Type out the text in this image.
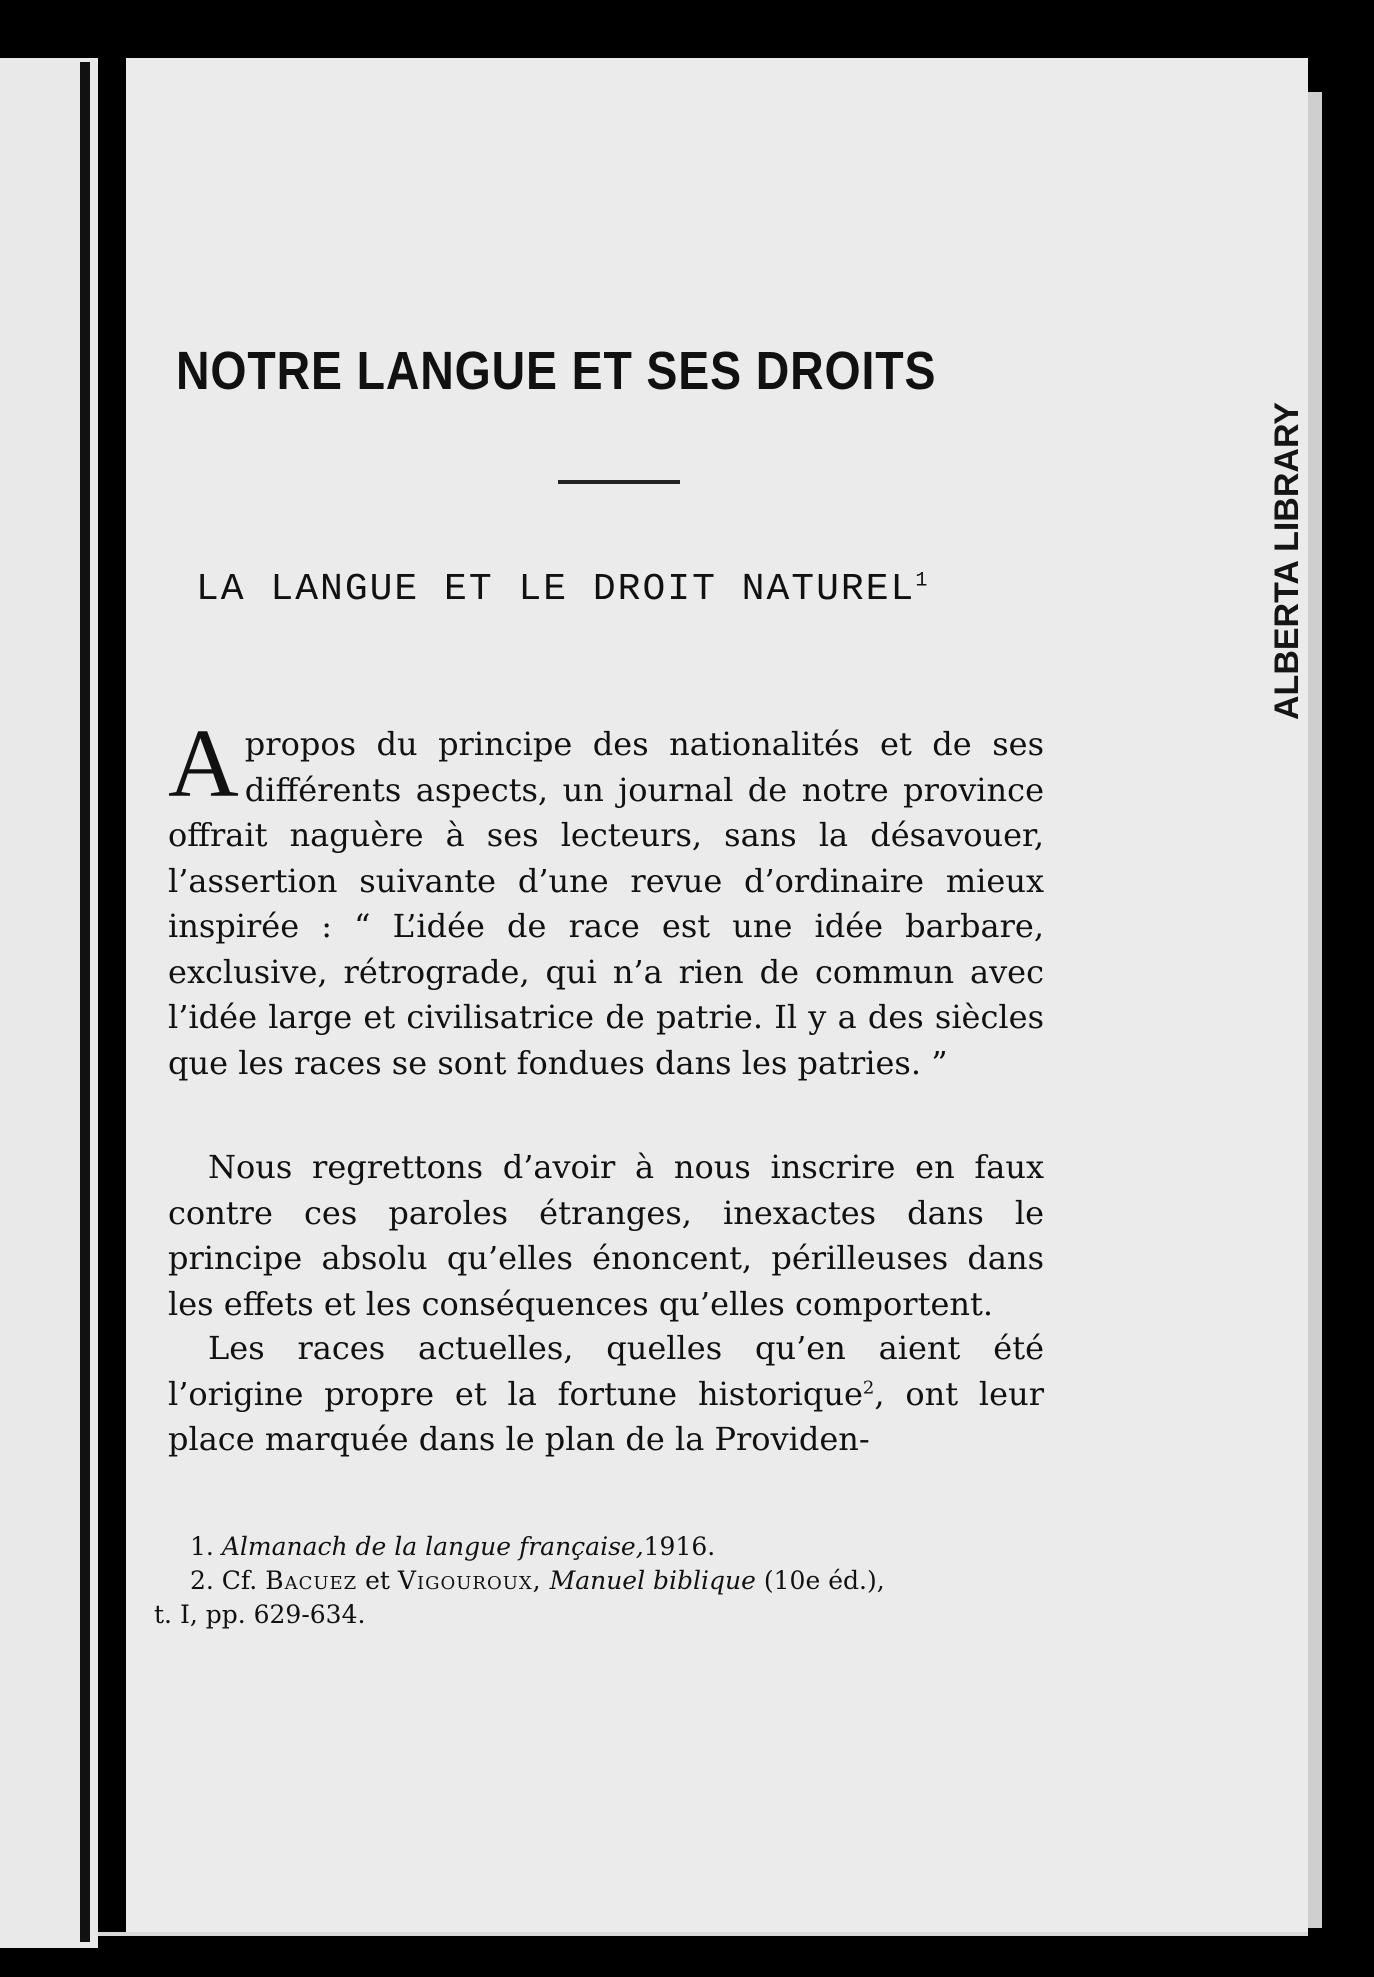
NOTRE LANGUE ET SES DROITS
LA LANGUE ET LE DROIT NATUREL$^1$
Apropos du principe des nationalités et de ses différents aspects, un journal de notre province offrait naguère à ses lecteurs, sans la désavouer, l’assertion suivante d’une revue d’ordinaire mieux inspirée : “ L’idée de race est une idée barbare, exclusive, rétrograde, qui n’a rien de commun avec l’idée large et civilisatrice de patrie. Il y a des siècles que les races se sont fondues dans les patries. ”
Nous regrettons d’avoir à nous inscrire en faux contre ces paroles étranges, inexactes dans le principe absolu qu’elles énoncent, périlleuses dans les effets et les conséquences qu’elles comportent.
Les races actuelles, quelles qu’en aient été l’origine propre et la fortune historique$^2$, ont leur place marquée dans le plan de la Providen-

1. Almanach de la langue française,1916.

2. Cf. Bacuez et Vigouroux, Manuel biblique (10e éd.),

t. I, pp. 629-634.

ALBERTA LIBRARY
